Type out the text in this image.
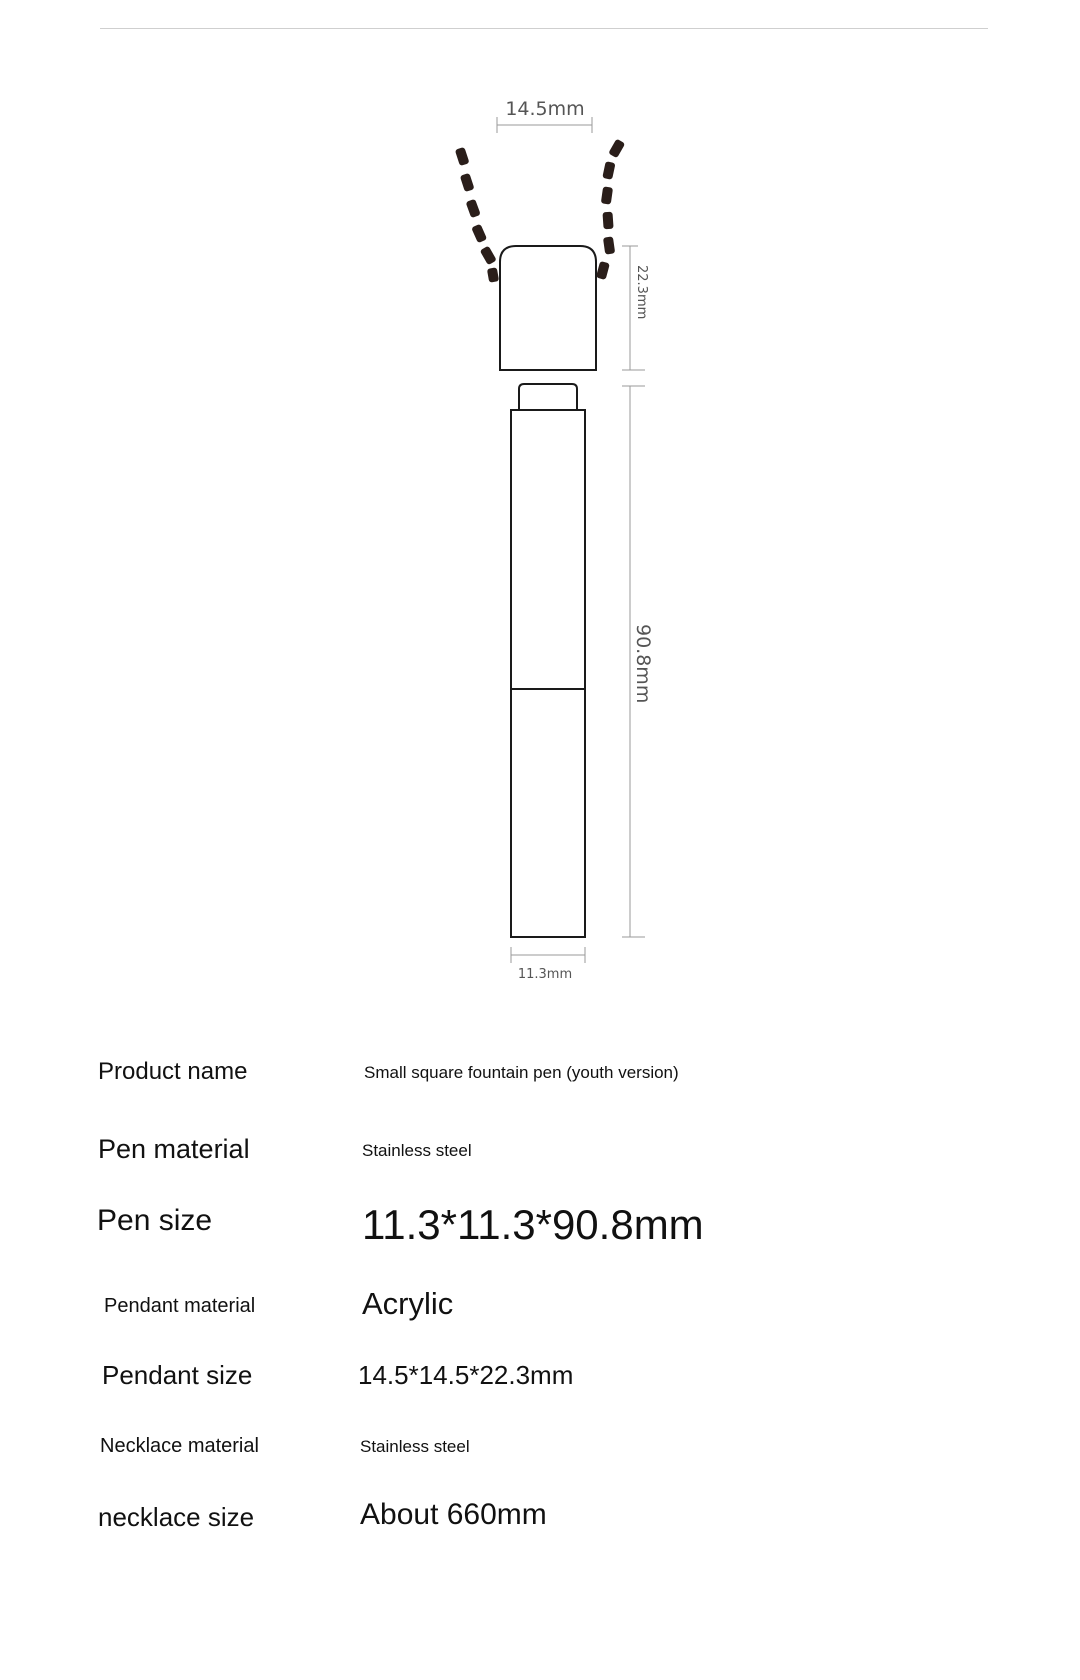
14.5mm
22.3mm
90.8mm
11.3mm
Product name	Small square fountain pen (youth version)
Pen material	Stainless steel
Pen size	11.3*11.3*90.8mm
Pendant material	Acrylic
Pendant size	14.5*14.5*22.3mm
Necklace material	Stainless steel
necklace size	About 660mm
